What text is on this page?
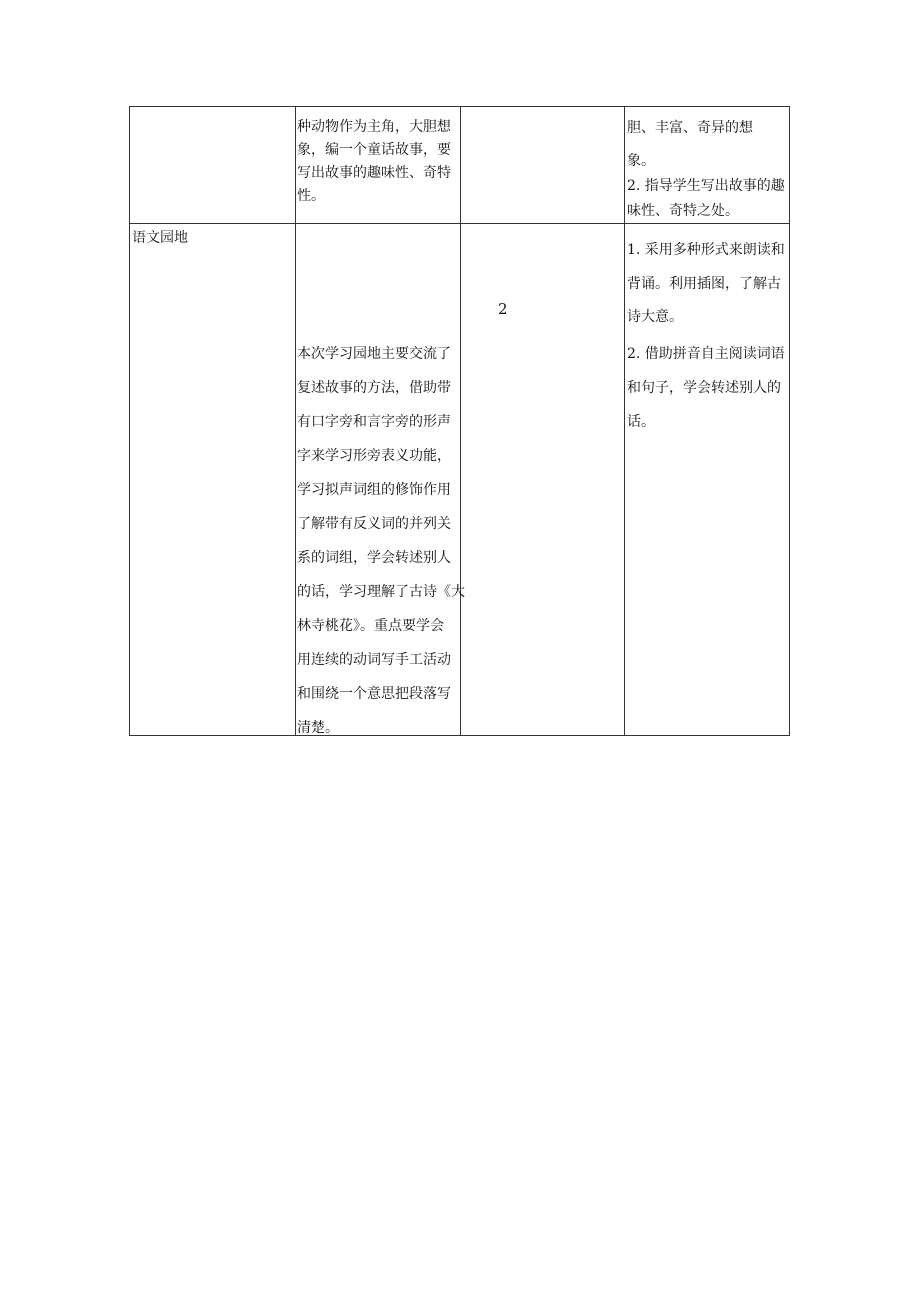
种动物作为主角，大胆想
象，编一个童话故事，要
写出故事的趣味性、奇特
性。
胆、丰富、奇异的想
象。
2. 指导学生写出故事的趣
味性、奇特之处。
语文园地
本次学习园地主要交流了
复述故事的方法，借助带
有口字旁和言字旁的形声
字来学习形旁表义功能，
学习拟声词组的修饰作用
了解带有反义词的并列关
系的词组，学会转述别人
的话，学习理解了古诗《大
林寺桃花》。重点要学会
用连续的动词写手工活动
和围绕一个意思把段落写
清楚。
2
1. 采用多种形式来朗读和
背诵。利用插图，了解古
诗大意。
2. 借助拼音自主阅读词语
和句子，学会转述别人的
话。
